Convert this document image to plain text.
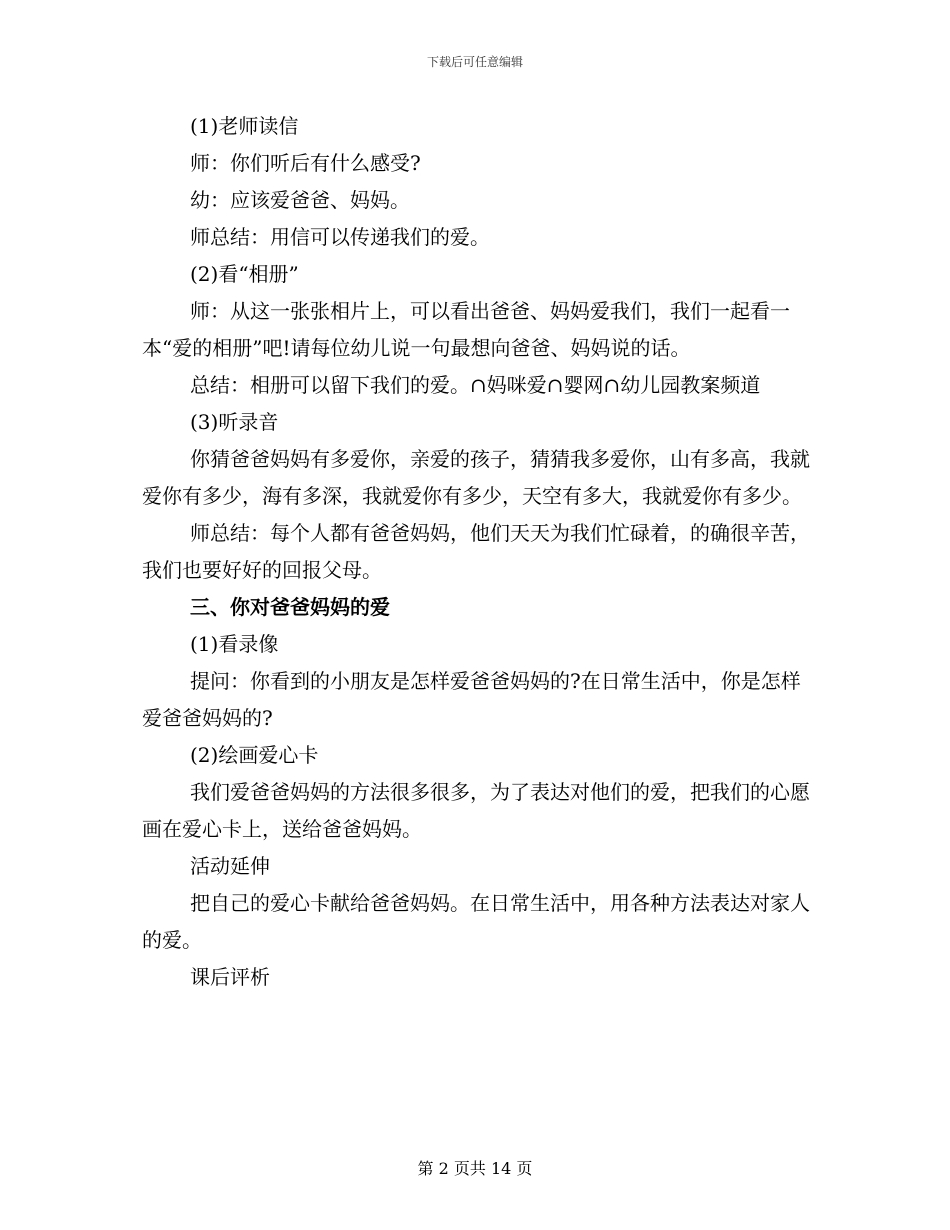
下载后可任意编辑

(1)老师读信

师：你们听后有什么感受?

幼：应该爱爸爸、妈妈。

师总结：用信可以传递我们的爱。

(2)看“相册”

师：从这一张张相片上，可以看出爸爸、妈妈爱我们，我们一起看一本“爱的相册”吧!请每位幼儿说一句最想向爸爸、妈妈说的话。

总结：相册可以留下我们的爱。∩妈咪爱∩婴网∩幼儿园教案频道

(3)听录音

你猜爸爸妈妈有多爱你，亲爱的孩子，猜猜我多爱你，山有多高，我就爱你有多少，海有多深，我就爱你有多少，天空有多大，我就爱你有多少。

师总结：每个人都有爸爸妈妈，他们天天为我们忙碌着，的确很辛苦，我们也要好好的回报父母。

三、你对爸爸妈妈的爱

(1)看录像

提问：你看到的小朋友是怎样爱爸爸妈妈的?在日常生活中，你是怎样爱爸爸妈妈的?

(2)绘画爱心卡

我们爱爸爸妈妈的方法很多很多，为了表达对他们的爱，把我们的心愿画在爱心卡上，送给爸爸妈妈。

活动延伸

把自己的爱心卡献给爸爸妈妈。在日常生活中，用各种方法表达对家人的爱。

课后评析

第 2 页共 14 页
